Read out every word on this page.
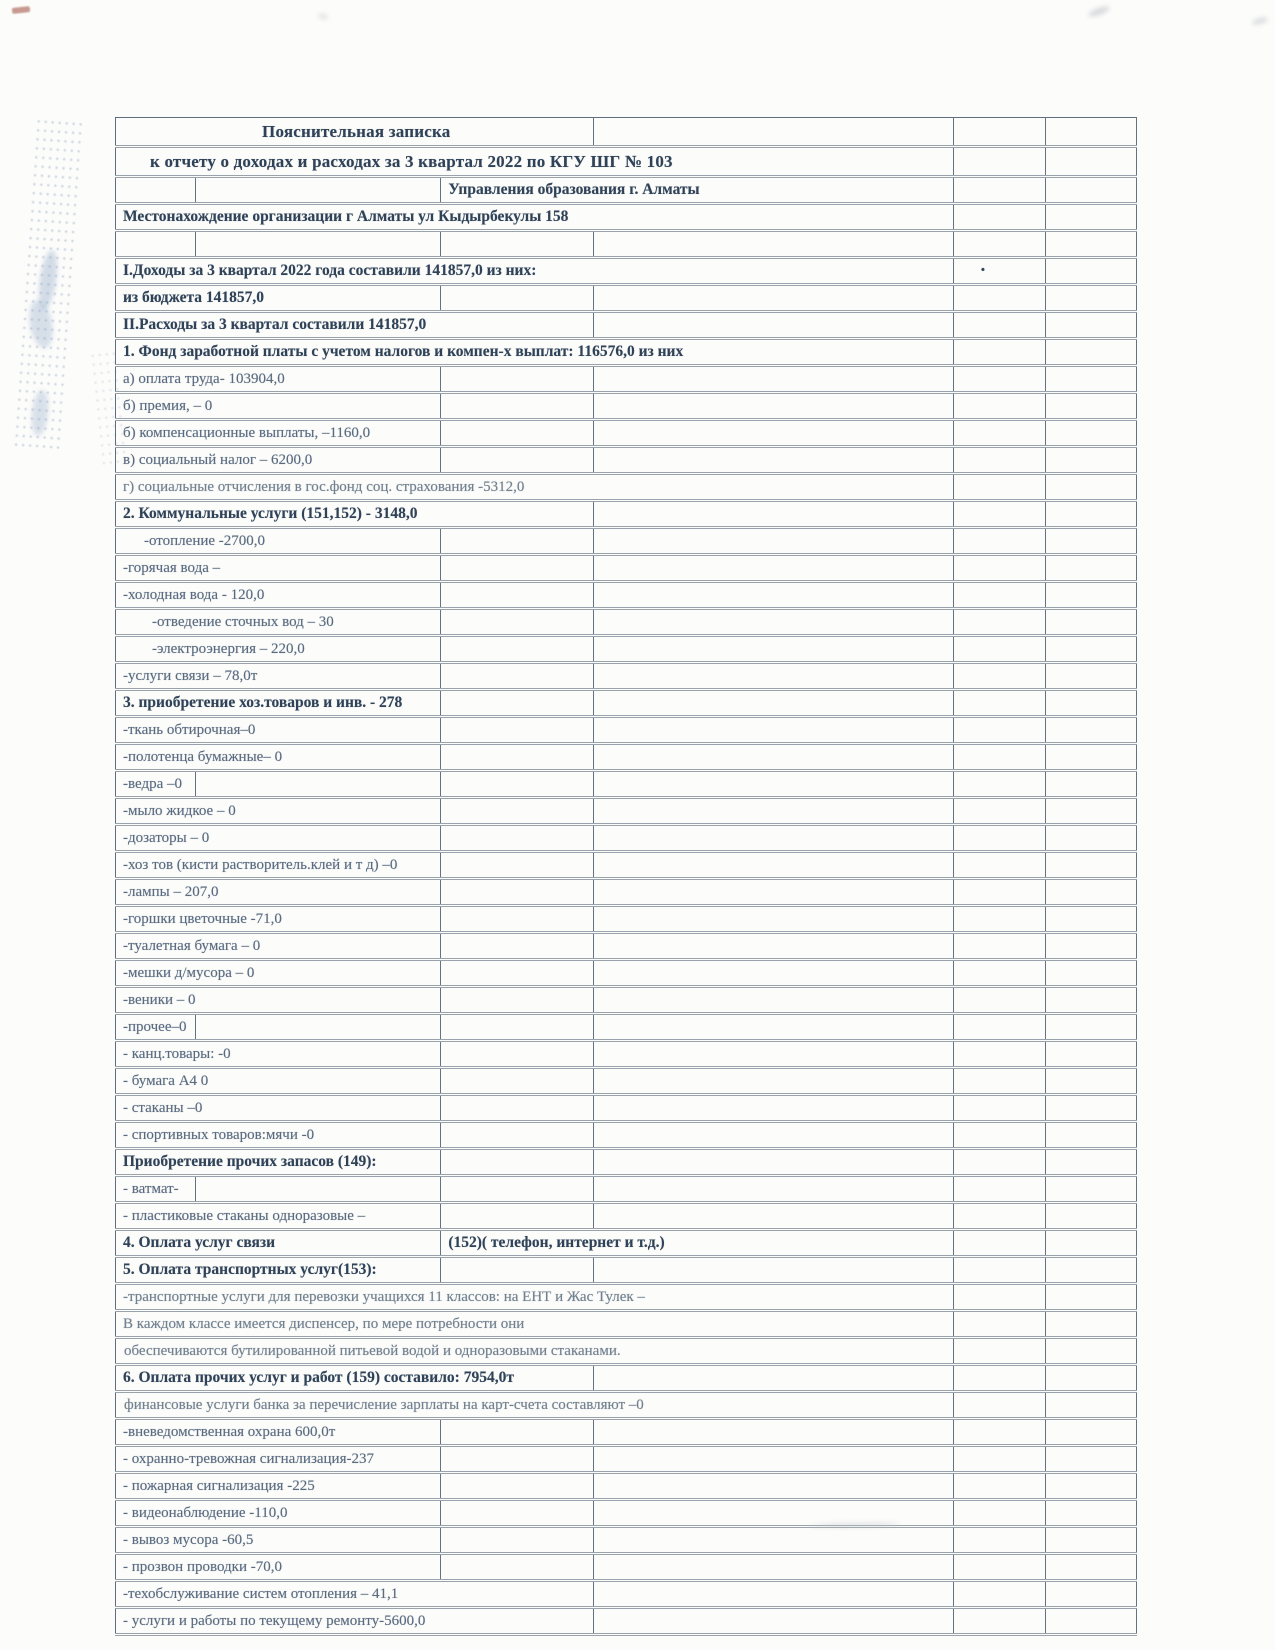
Пояснительная записка					
к отчету о доходах и расходах за 3 квартал 2022 по КГУ ШГ № 103					
		Управления образования г. Алматы			
Местонахождение организации г Алматы ул Кыдырбекулы 158					

I.Доходы за 3 квартал 2022 года составили 141857,0 из них:				·	
из бюджета 141857,0					
II.Расходы за 3 квартал составили 141857,0					
1. Фонд заработной платы с учетом налогов и компен-х выплат: 116576,0 из них					
а) оплата труда- 103904,0					
б) премия, – 0					
б) компенсационные выплаты, –1160,0					
в) социальный налог – 6200,0					
г) социальные отчисления в гос.фонд соц. страхования -5312,0					
2. Коммунальные услуги (151,152) - 3148,0					
-отопление -2700,0					
-горячая вода –					
-холодная вода - 120,0					
-отведение сточных вод – 30					
-электроэнергия – 220,0					
-услуги связи – 78,0т					
3. приобретение хоз.товаров и инв. - 278					
-ткань обтирочная–0					
-полотенца бумажные– 0					
-ведра –0					
-мыло жидкое – 0					
-дозаторы – 0					
-хоз тов (кисти растворитель.клей и т д) –0					
-лампы – 207,0					
-горшки цветочные -71,0					
-туалетная бумага – 0					
-мешки д/мусора – 0					
-веники – 0					
-прочее–0					
- канц.товары: -0					
- бумага А4 0					
- стаканы –0					
- спортивных товаров:мячи -0					
Приобретение прочих запасов (149):					
- ватмат-					
- пластиковые стаканы одноразовые –					
4. Оплата услуг связи		(152)( телефон, интернет и т.д.)			
5. Оплата транспортных услуг(153):					
-транспортные услуги для перевозки учащихся 11 классов: на ЕНТ и Жас Тулек –					
В каждом классе имеется диспенсер, по мере потребности они					
обеспечиваются бутилированной питьевой водой и одноразовыми стаканами.					
6. Оплата прочих услуг и работ (159) составило: 7954,0т					
финансовые услуги банка за перечисление зарплаты на карт-счета составляют –0					
-вневедомственная охрана 600,0т					
- охранно-тревожная сигнализация-237					
- пожарная сигнализация -225					
- видеонаблюдение -110,0					
- вывоз мусора -60,5					
- прозвон проводки -70,0					
-техобслуживание систем отопления – 41,1					
- услуги и работы по текущему ремонту-5600,0					
